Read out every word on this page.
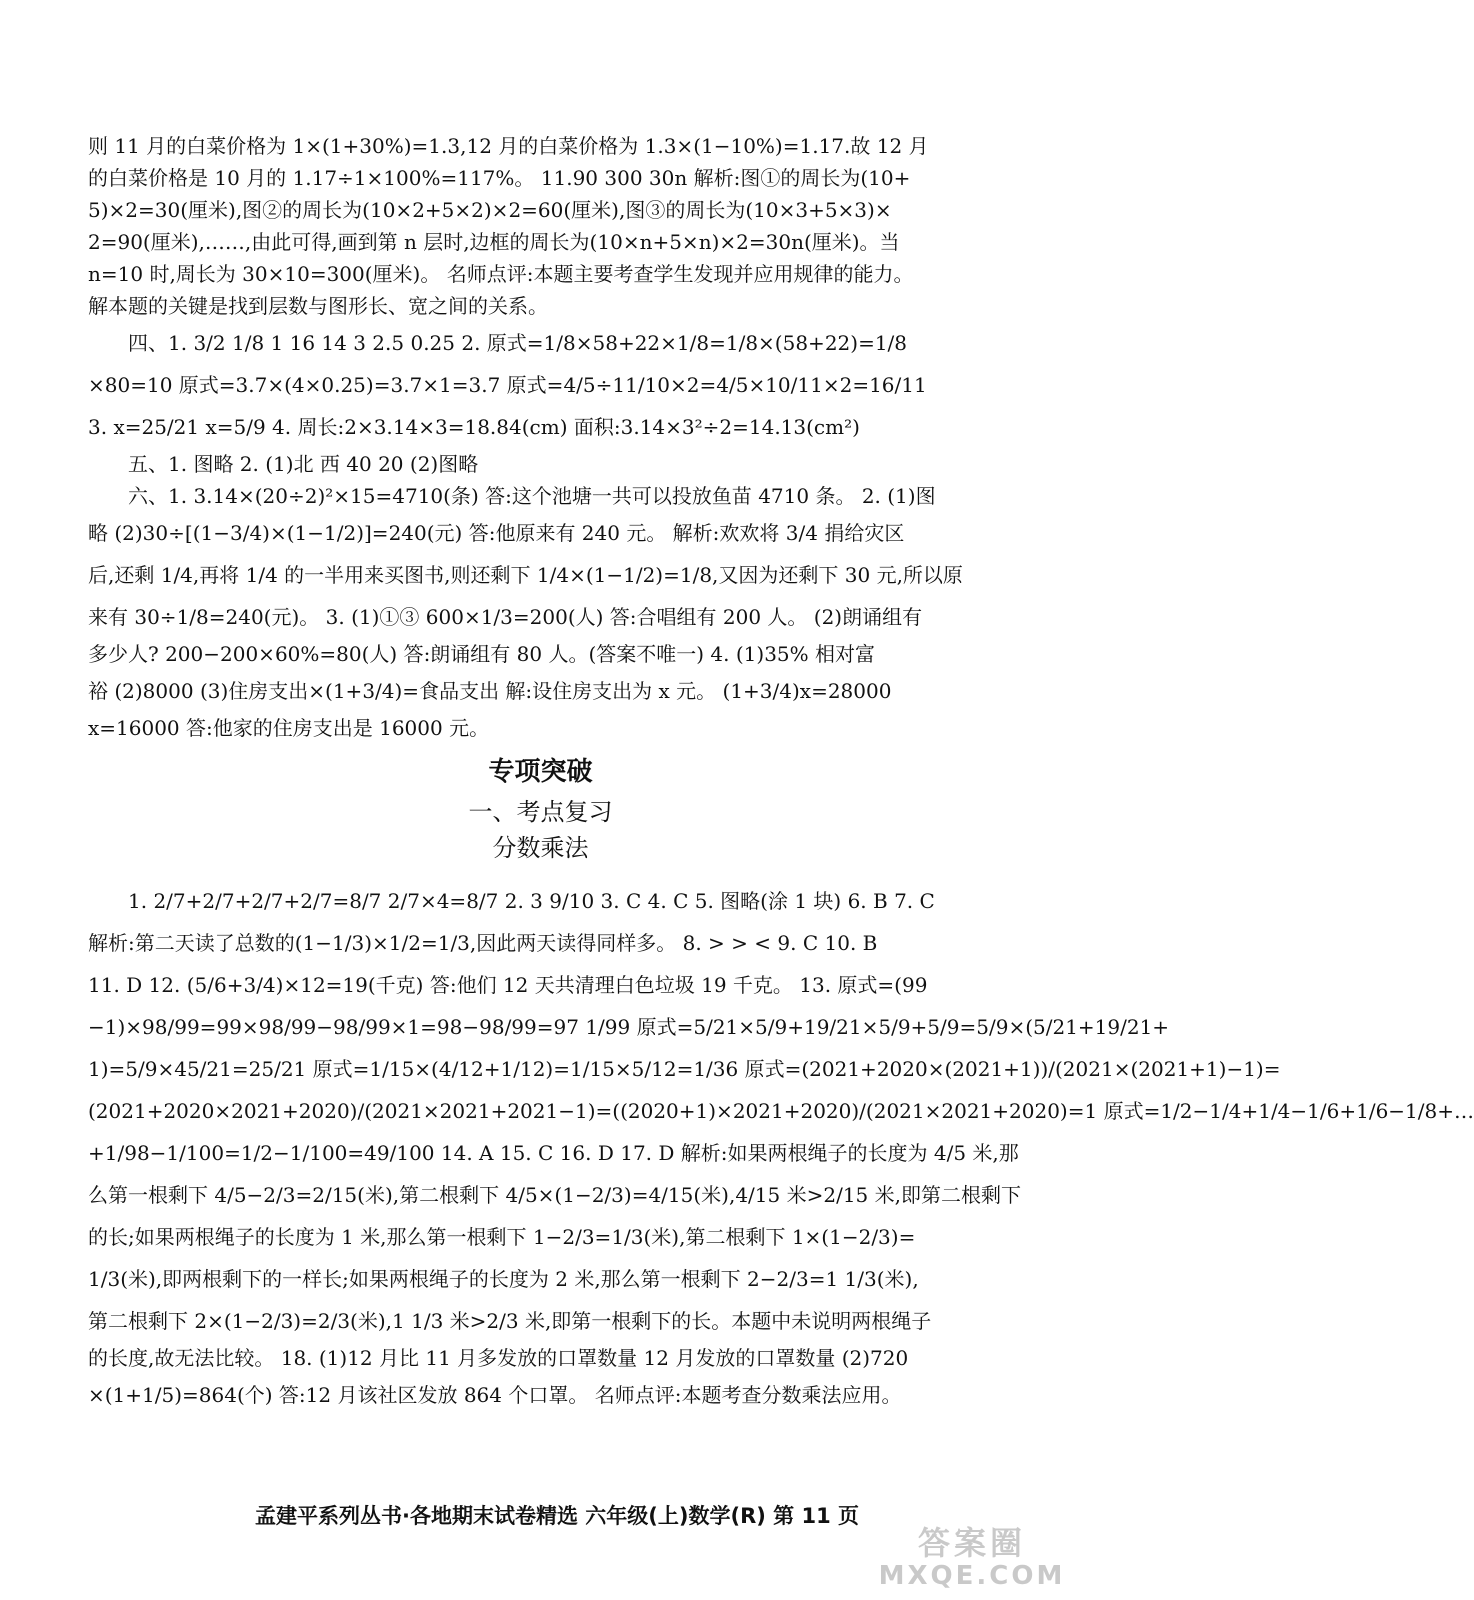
则 11 月的白菜价格为 1×(1+30%)=1.3,12 月的白菜价格为 1.3×(1−10%)=1.17.故 12 月
的白菜价格是 10 月的 1.17÷1×100%=117%。 11.90 300 30n 解析:图①的周长为(10+
5)×2=30(厘米),图②的周长为(10×2+5×2)×2=60(厘米),图③的周长为(10×3+5×3)×
2=90(厘米),……,由此可得,画到第 n 层时,边框的周长为(10×n+5×n)×2=30n(厘米)。当
n=10 时,周长为 30×10=300(厘米)。 名师点评:本题主要考查学生发现并应用规律的能力。
解本题的关键是找到层数与图形长、宽之间的关系。
四、1. 3/2 1/8 1 16 14 3 2.5 0.25 2. 原式=1/8×58+22×1/8=1/8×(58+22)=1/8
×80=10 原式=3.7×(4×0.25)=3.7×1=3.7 原式=4/5÷11/10×2=4/5×10/11×2=16/11
3. x=25/21 x=5/9 4. 周长:2×3.14×3=18.84(cm) 面积:3.14×3²÷2=14.13(cm²)
五、1. 图略 2. (1)北 西 40 20 (2)图略
六、1. 3.14×(20÷2)²×15=4710(条) 答:这个池塘一共可以投放鱼苗 4710 条。 2. (1)图
略 (2)30÷[(1−3/4)×(1−1/2)]=240(元) 答:他原来有 240 元。 解析:欢欢将 3/4 捐给灾区
后,还剩 1/4,再将 1/4 的一半用来买图书,则还剩下 1/4×(1−1/2)=1/8,又因为还剩下 30 元,所以原
来有 30÷1/8=240(元)。 3. (1)①③ 600×1/3=200(人) 答:合唱组有 200 人。 (2)朗诵组有
多少人? 200−200×60%=80(人) 答:朗诵组有 80 人。(答案不唯一) 4. (1)35% 相对富
裕 (2)8000 (3)住房支出×(1+3/4)=食品支出 解:设住房支出为 x 元。 (1+3/4)x=28000
x=16000 答:他家的住房支出是 16000 元。
专项突破
一、考点复习
分数乘法
1. 2/7+2/7+2/7+2/7=8/7 2/7×4=8/7 2. 3 9/10 3. C 4. C 5. 图略(涂 1 块) 6. B 7. C
解析:第二天读了总数的(1−1/3)×1/2=1/3,因此两天读得同样多。 8. > > < 9. C 10. B
11. D 12. (5/6+3/4)×12=19(千克) 答:他们 12 天共清理白色垃圾 19 千克。 13. 原式=(99
−1)×98/99=99×98/99−98/99×1=98−98/99=97 1/99 原式=5/21×5/9+19/21×5/9+5/9=5/9×(5/21+19/21+
1)=5/9×45/21=25/21 原式=1/15×(4/12+1/12)=1/15×5/12=1/36 原式=(2021+2020×(2021+1))/(2021×(2021+1)−1)=
(2021+2020×2021+2020)/(2021×2021+2021−1)=((2020+1)×2021+2020)/(2021×2021+2020)=1 原式=1/2−1/4+1/4−1/6+1/6−1/8+…
+1/98−1/100=1/2−1/100=49/100 14. A 15. C 16. D 17. D 解析:如果两根绳子的长度为 4/5 米,那
么第一根剩下 4/5−2/3=2/15(米),第二根剩下 4/5×(1−2/3)=4/15(米),4/15 米>2/15 米,即第二根剩下
的长;如果两根绳子的长度为 1 米,那么第一根剩下 1−2/3=1/3(米),第二根剩下 1×(1−2/3)=
1/3(米),即两根剩下的一样长;如果两根绳子的长度为 2 米,那么第一根剩下 2−2/3=1 1/3(米),
第二根剩下 2×(1−2/3)=2/3(米),1 1/3 米>2/3 米,即第一根剩下的长。本题中未说明两根绳子
的长度,故无法比较。 18. (1)12 月比 11 月多发放的口罩数量 12 月发放的口罩数量 (2)720
×(1+1/5)=864(个) 答:12 月该社区发放 864 个口罩。 名师点评:本题考查分数乘法应用。
孟建平系列丛书·各地期末试卷精选 六年级(上)数学(R) 第 11 页
答案圈
MXQE.COM
